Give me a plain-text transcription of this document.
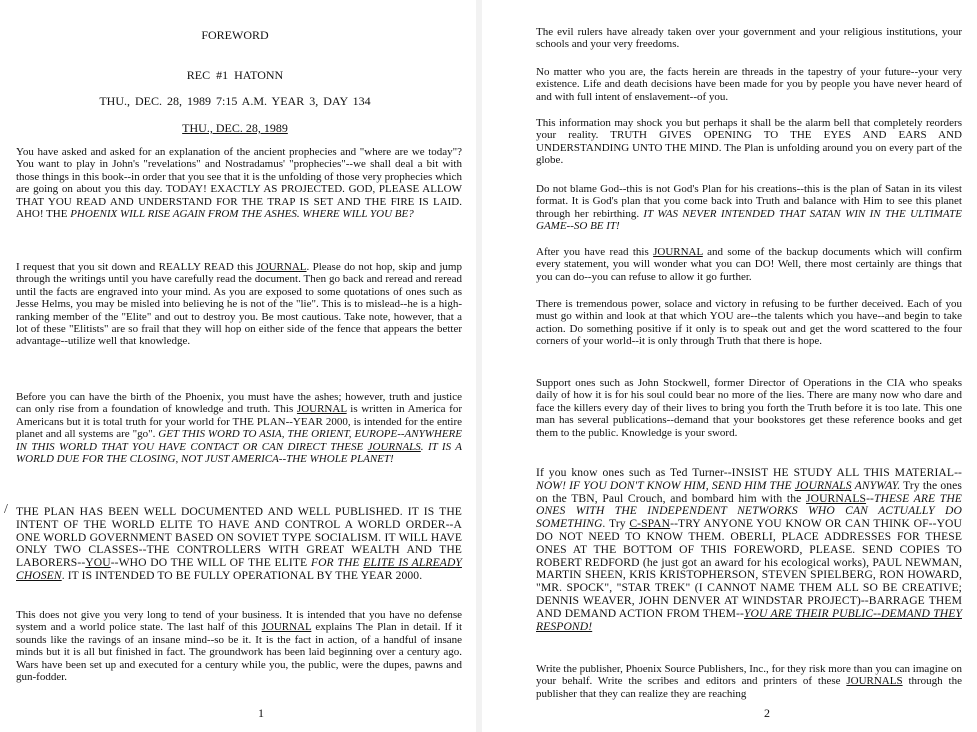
FOREWORD

REC #1 HATONN

THU., DEC. 28, 1989 7:15 A.M. YEAR 3, DAY 134

THU., DEC. 28, 1989

You have asked and asked for an explanation of the ancient prophecies and "where are we today"? You want to play in John's "revelations" and Nostradamus' "prophecies"--we shall deal a bit with those things in this book--in order that you see that it is the unfolding of those very prophecies which are going on about you this day. TODAY! EXACTLY AS PROJECTED. GOD, PLEASE ALLOW THAT YOU READ AND UNDERSTAND FOR THE TRAP IS SET AND THE FIRE IS LAID. AHO! THE PHOENIX WILL RISE AGAIN FROM THE ASHES. WHERE WILL YOU BE?

I request that you sit down and REALLY READ this JOURNAL. Please do not hop, skip and jump through the writings until you have carefully read the document. Then go back and reread and reread until the facts are engraved into your mind. As you are exposed to some quotations of ones such as Jesse Helms, you may be misled into believing he is not of the "lie". This is to mislead--he is a high-ranking member of the "Elite" and out to destroy you. Be most cautious. Take note, however, that a lot of these "Elitists" are so frail that they will hop on either side of the fence that appears the better advantage--utilize well that knowledge.

Before you can have the birth of the Phoenix, you must have the ashes; however, truth and justice can only rise from a foundation of knowledge and truth. This JOURNAL is written in America for Americans but it is total truth for your world for THE PLAN--YEAR 2000, is intended for the entire planet and all systems are "go". GET THIS WORD TO ASIA, THE ORIENT, EUROPE--ANYWHERE IN THIS WORLD THAT YOU HAVE CONTACT OR CAN DIRECT THESE JOURNALS. IT IS A WORLD DUE FOR THE CLOSING, NOT JUST AMERICA--THE WHOLE PLANET!

/ THE PLAN HAS BEEN WELL DOCUMENTED AND WELL PUBLISHED. IT IS THE INTENT OF THE WORLD ELITE TO HAVE AND CONTROL A WORLD ORDER--A ONE WORLD GOVERNMENT BASED ON SOVIET TYPE SOCIALISM. IT WILL HAVE ONLY TWO CLASSES--THE CONTROLLERS WITH GREAT WEALTH AND THE LABORERS--YOU--WHO DO THE WILL OF THE ELITE FOR THE ELITE IS ALREADY CHOSEN. IT IS INTENDED TO BE FULLY OPERATIONAL BY THE YEAR 2000.

This does not give you very long to tend of your business. It is intended that you have no defense system and a world police state. The last half of this JOURNAL explains The Plan in detail. If it sounds like the ravings of an insane mind--so be it. It is the fact in action, of a handful of insane minds but it is all but finished in fact. The groundwork has been laid beginning over a century ago. Wars have been set up and executed for a century while you, the public, were the dupes, pawns and gun-fodder.

1

The evil rulers have already taken over your government and your religious institutions, your schools and your very freedoms.

No matter who you are, the facts herein are threads in the tapestry of your future--your very existence. Life and death decisions have been made for you by people you have never heard of and with full intent of enslavement--of you.

This information may shock you but perhaps it shall be the alarm bell that completely reorders your reality. TRUTH GIVES OPENING TO THE EYES AND EARS AND UNDERSTANDING UNTO THE MIND. The Plan is unfolding around you on every part of the globe.

Do not blame God--this is not God's Plan for his creations--this is the plan of Satan in its vilest format. It is God's plan that you come back into Truth and balance with Him to see this planet through her rebirthing. IT WAS NEVER INTENDED THAT SATAN WIN IN THE ULTIMATE GAME--SO BE IT!

After you have read this JOURNAL and some of the backup documents which will confirm every statement, you will wonder what you can DO! Well, there most certainly are things that you can do--you can refuse to allow it go further.

There is tremendous power, solace and victory in refusing to be further deceived. Each of you must go within and look at that which YOU are--the talents which you have--and begin to take action. Do something positive if it only is to speak out and get the word scattered to the four corners of your world--it is only through Truth that there is hope.

Support ones such as John Stockwell, former Director of Operations in the CIA who speaks daily of how it is for his soul could bear no more of the lies. There are many now who dare and face the killers every day of their lives to bring you forth the Truth before it is too late. This one man has several publications--demand that your bookstores get these reference books and get them to the public. Knowledge is your sword.

If you know ones such as Ted Turner--INSIST HE STUDY ALL THIS MATERIAL--NOW! IF YOU DON'T KNOW HIM, SEND HIM THE JOURNALS ANYWAY. Try the ones on the TBN, Paul Crouch, and bombard him with the JOURNALS--THESE ARE THE ONES WITH THE INDEPENDENT NETWORKS WHO CAN ACTUALLY DO SOMETHING. Try C-SPAN--TRY ANYONE YOU KNOW OR CAN THINK OF--YOU DO NOT NEED TO KNOW THEM. OBERLI, PLACE ADDRESSES FOR THESE ONES AT THE BOTTOM OF THIS FOREWORD, PLEASE. SEND COPIES TO ROBERT REDFORD (he just got an award for his ecological works), PAUL NEWMAN, MARTIN SHEEN, KRIS KRISTOPHERSON, STEVEN SPIELBERG, RON HOWARD, "MR. SPOCK", "STAR TREK" (I CANNOT NAME THEM ALL SO BE CREATIVE; DENNIS WEAVER, JOHN DENVER AT WINDSTAR PROJECT)--BARRAGE THEM AND DEMAND ACTION FROM THEM--YOU ARE THEIR PUBLIC--DEMAND THEY RESPOND!

Write the publisher, Phoenix Source Publishers, Inc., for they risk more than you can imagine on your behalf. Write the scribes and editors and printers of these JOURNALS through the publisher that they can realize they are reaching

2
